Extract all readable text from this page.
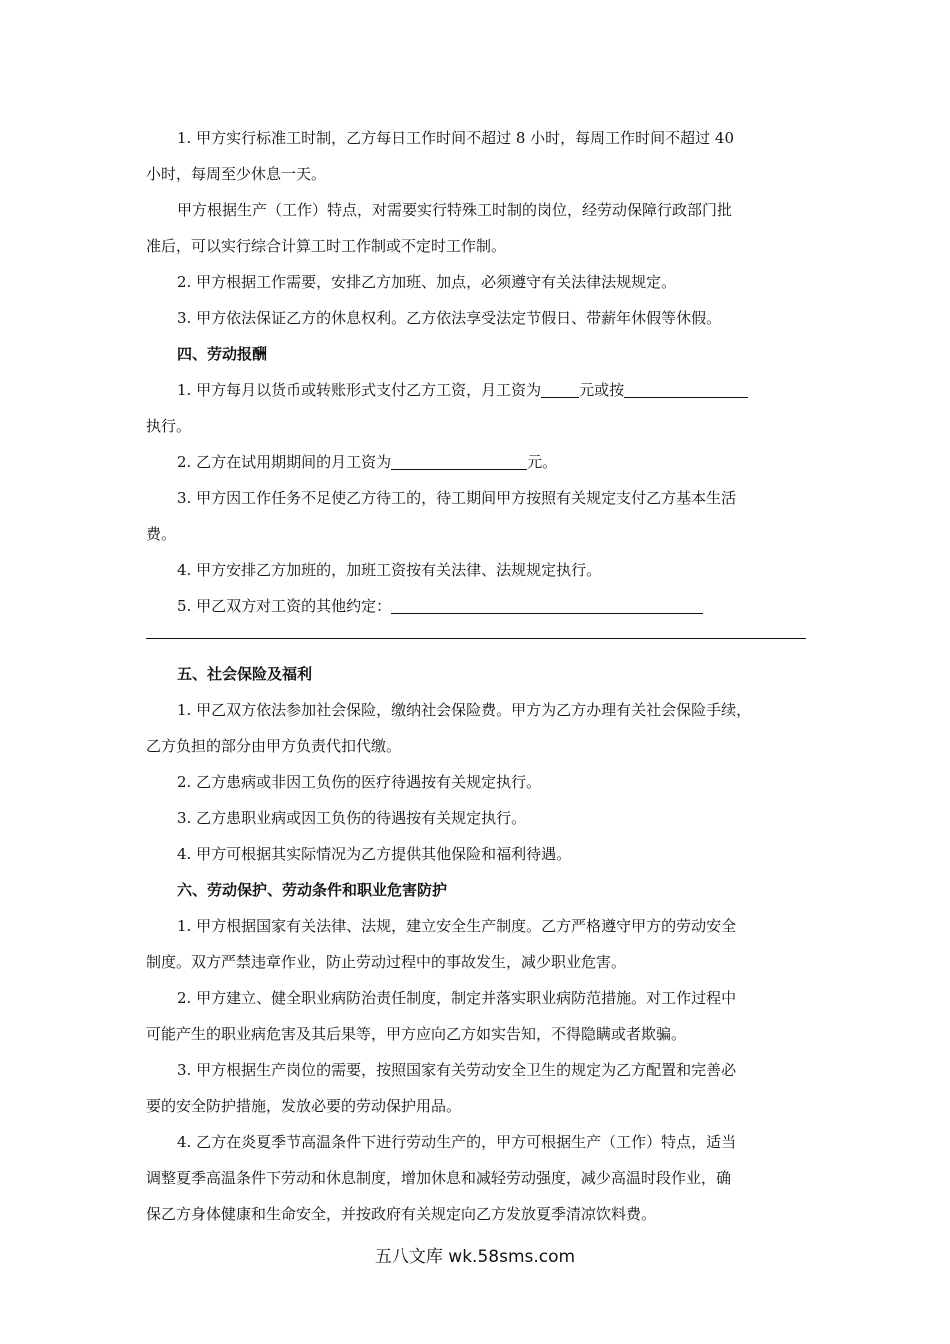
1. 甲方实行标准工时制，乙方每日工作时间不超过 8 小时，每周工作时间不超过 40

小时，每周至少休息一天。

甲方根据生产（工作）特点，对需要实行特殊工时制的岗位，经劳动保障行政部门批

准后，可以实行综合计算工时工作制或不定时工作制。

2. 甲方根据工作需要，安排乙方加班、加点，必须遵守有关法律法规规定。

3. 甲方依法保证乙方的休息权利。乙方依法享受法定节假日、带薪年休假等休假。

四、劳动报酬

1. 甲方每月以货币或转账形式支付乙方工资，月工资为	元或按

执行。

2. 乙方在试用期期间的月工资为	元。

3. 甲方因工作任务不足使乙方待工的，待工期间甲方按照有关规定支付乙方基本生活

费。

4. 甲方安排乙方加班的，加班工资按有关法律、法规规定执行。

5. 甲乙双方对工资的其他约定：

五、社会保险及福利

1. 甲乙双方依法参加社会保险，缴纳社会保险费。甲方为乙方办理有关社会保险手续，

乙方负担的部分由甲方负责代扣代缴。

2. 乙方患病或非因工负伤的医疗待遇按有关规定执行。

3. 乙方患职业病或因工负伤的待遇按有关规定执行。

4. 甲方可根据其实际情况为乙方提供其他保险和福利待遇。

六、劳动保护、劳动条件和职业危害防护

1. 甲方根据国家有关法律、法规，建立安全生产制度。乙方严格遵守甲方的劳动安全

制度。双方严禁违章作业，防止劳动过程中的事故发生，减少职业危害。

2. 甲方建立、健全职业病防治责任制度，制定并落实职业病防范措施。对工作过程中

可能产生的职业病危害及其后果等，甲方应向乙方如实告知，不得隐瞒或者欺骗。

3. 甲方根据生产岗位的需要，按照国家有关劳动安全卫生的规定为乙方配置和完善必

要的安全防护措施，发放必要的劳动保护用品。

4. 乙方在炎夏季节高温条件下进行劳动生产的，甲方可根据生产（工作）特点，适当

调整夏季高温条件下劳动和休息制度，增加休息和减轻劳动强度，减少高温时段作业，确

保乙方身体健康和生命安全，并按政府有关规定向乙方发放夏季清凉饮料费。

五八文库 wk.58sms.com
